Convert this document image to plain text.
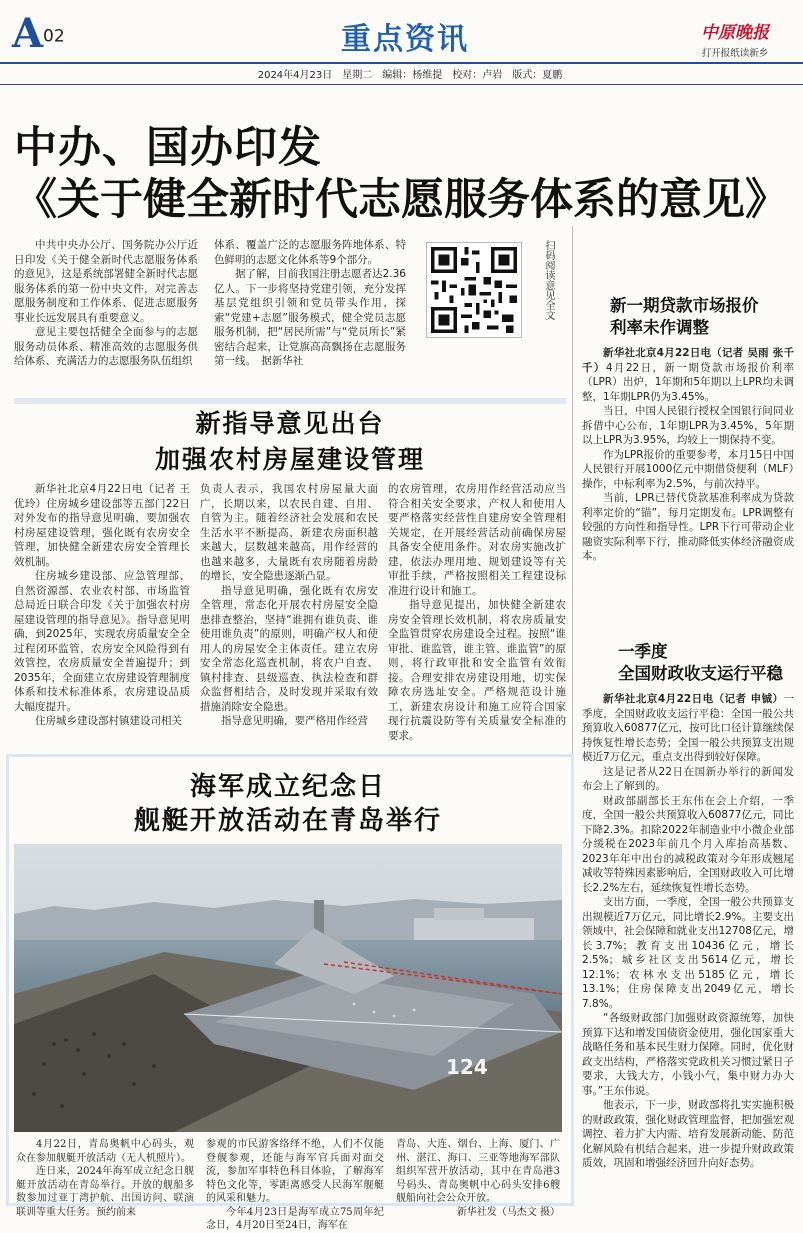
A02	重点资讯	中原晚报
打开报纸读新乡
2024年4月23日　星期二　编辑：杨维提　校对：卢岩　版式：夏鹏
中办、国办印发
《关于健全新时代志愿服务体系的意见》

中共中央办公厅、国务院办公厅近日印发《关于健全新时代志愿服务体系的意见》，这是系统部署健全新时代志愿服务体系的第一份中央文件，对完善志愿服务制度和工作体系、促进志愿服务事业长远发展具有重要意义。

意见主要包括健全全面参与的志愿服务动员体系、精准高效的志愿服务供给体系、充满活力的志愿服务队伍组织

体系、覆盖广泛的志愿服务阵地体系、特色鲜明的志愿文化体系等9个部分。

据了解，目前我国注册志愿者达2.36亿人。下一步将坚持党建引领，充分发挥基层党组织引领和党员带头作用，探索“党建+志愿”服务模式，健全党员志愿服务机制，把“居民所需”与“党员所长”紧密结合起来，让党旗高高飘扬在志愿服务第一线。　据新华社

扫码阅读意见全文
新指导意见出台
加强农村房屋建设管理

新华社北京4月22日电（记者 王优玲）住房城乡建设部等五部门22日对外发布的指导意见明确，要加强农村房屋建设管理，强化既有农房安全管理，加快健全新建农房安全管理长效机制。

住房城乡建设部、应急管理部、自然资源部、农业农村部、市场监管总局近日联合印发《关于加强农村房屋建设管理的指导意见》。指导意见明确，到2025年，实现农房质量安全全过程闭环监管，农房安全风险得到有效管控，农房质量安全普遍提升；到2035年，全面建立农房建设管理制度体系和技术标准体系，农房建设品质大幅度提升。

住房城乡建设部村镇建设司相关

负责人表示，我国农村房屋量大面广，长期以来，以农民自建、自用、自管为主。随着经济社会发展和农民生活水平不断提高，新建农房面积越来越大，层数越来越高，用作经营的也越来越多，大量既有农房随着房龄的增长，安全隐患逐渐凸显。

指导意见明确，强化既有农房安全管理，常态化开展农村房屋安全隐患排查整治，坚持“谁拥有谁负责、谁使用谁负责”的原则，明确产权人和使用人的房屋安全主体责任。建立农房安全常态化巡查机制，将农户自查、镇村排查、县级巡查、执法检查和群众监督相结合，及时发现并采取有效措施消除安全隐患。

指导意见明确，要严格用作经营

的农房管理，农房用作经营活动应当符合相关安全要求，产权人和使用人要严格落实经营性自建房安全管理相关规定，在开展经营活动前确保房屋具备安全使用条件。对农房实施改扩建，依法办理用地、规划建设等有关审批手续，严格按照相关工程建设标准进行设计和施工。

指导意见提出，加快健全新建农房安全管理长效机制，将农房质量安全监管贯穿农房建设全过程。按照“谁审批、谁监管，谁主管、谁监管”的原则，将行政审批和安全监管有效衔接。合理安排农房建设用地，切实保障农房选址安全。严格规范设计施工，新建农房设计和施工应符合国家现行抗震设防等有关质量安全标准的要求。

海军成立纪念日
舰艇开放活动在青岛举行
124

4月22日，青岛奥帆中心码头，观众在参加舰艇开放活动（无人机照片）。

连日来，2024年海军成立纪念日舰艇开放活动在青岛举行。开放的舰船多数参加过亚丁湾护航、出国访问、联演联训等重大任务。预约前来

参观的市民游客络绎不绝，人们不仅能登舰参观，还能与海军官兵面对面交流，参加军事特色科目体验，了解海军特色文化等，零距离感受人民海军舰艇的风采和魅力。

今年4月23日是海军成立75周年纪念日，4月20日至24日，海军在

青岛、大连、烟台、上海、厦门、广州、湛江、海口、三亚等地海军部队组织军营开放活动，其中在青岛港3号码头、青岛奥帆中心码头安排6艘舰船向社会公众开放。

新华社发（马杰文 摄）

新一期贷款市场报价
利率未作调整

新华社北京4月22日电（记者 吴雨 张千千）4月22日，新一期贷款市场报价利率（LPR）出炉，1年期和5年期以上LPR均未调整，1年期LPR仍为3.45%。

当日，中国人民银行授权全国银行间同业拆借中心公布，1年期LPR为3.45%，5年期以上LPR为3.95%，均较上一期保持不变。

作为LPR报价的重要参考，本月15日中国人民银行开展1000亿元中期借贷便利（MLF）操作，中标利率为2.5%，与前次持平。

当前，LPR已替代贷款基准利率成为贷款利率定价的“锚”，每月定期发布。LPR调整有较强的方向性和指导性。LPR下行可带动企业融资实际利率下行，推动降低实体经济融资成本。

一季度
全国财政收支运行平稳

新华社北京4月22日电（记者 申铖）一季度，全国财政收支运行平稳：全国一般公共预算收入60877亿元，按可比口径计算继续保持恢复性增长态势；全国一般公共预算支出规模近7万亿元，重点支出得到较好保障。

这是记者从22日在国新办举行的新闻发布会上了解到的。

财政部副部长王东伟在会上介绍，一季度，全国一般公共预算收入60877亿元，同比下降2.3%。扣除2022年制造业中小微企业部分缓税在2023年前几个月入库抬高基数、2023年年中出台的减税政策对今年形成翘尾减收等特殊因素影响后，全国财政收入可比增长2.2%左右，延续恢复性增长态势。

支出方面，一季度，全国一般公共预算支出规模近7万亿元，同比增长2.9%。主要支出领域中，社会保障和就业支出12708亿元，增长3.7%；教育支出10436亿元，增长2.5%；城乡社区支出5614亿元，增长12.1%；农林水支出5185亿元，增长13.1%；住房保障支出2049亿元，增长7.8%。

“各级财政部门加强财政资源统筹，加快预算下达和增发国债资金使用，强化国家重大战略任务和基本民生财力保障。同时，优化财政支出结构，严格落实党政机关习惯过紧日子要求，大钱大方，小钱小气，集中财力办大事。”王东伟说。

他表示，下一步，财政部将扎实实施积极的财政政策，强化财政管理监督，把加强宏观调控、着力扩大内需、培育发展新动能、防范化解风险有机结合起来，进一步提升财政政策质效，巩固和增强经济回升向好态势。
